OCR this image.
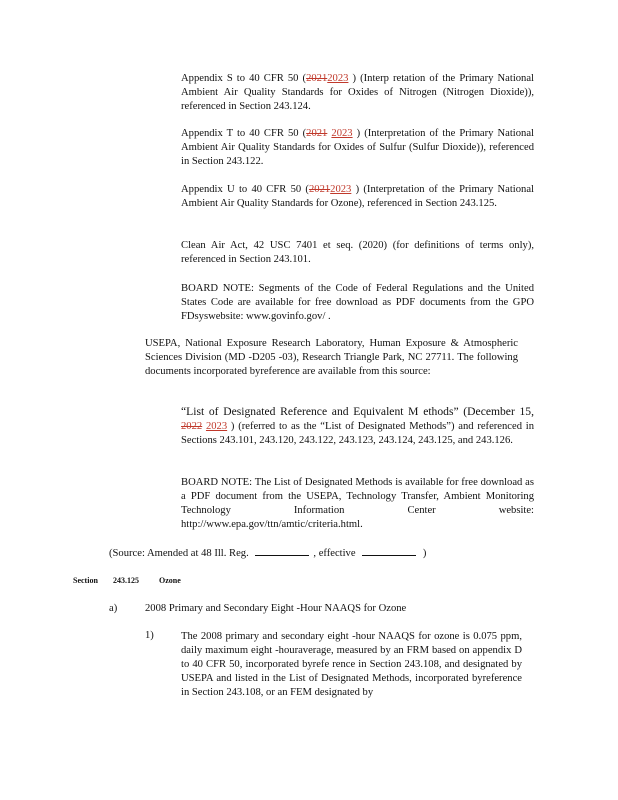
Appendix S to 40 CFR 50 (20212023 ) (Interp retation of the Primary National Ambient Air Quality Standards for Oxides of Nitrogen (Nitrogen Dioxide)), referenced in Section 243.124.
Appendix T to 40 CFR 50 (2021 2023 ) (Interpretation of the Primary National Ambient Air Quality Standards for Oxides of Sulfur (Sulfur Dioxide)), referenced in Section 243.122.
Appendix U to 40 CFR 50 (20212023 ) (Interpretation of the Primary National Ambient Air Quality Standards for Ozone), referenced in Section 243.125.
Clean Air Act, 42 USC 7401 et seq. (2020) (for definitions of terms only), referenced in Section 243.101.
BOARD NOTE: Segments of the Code of Federal Regulations and the United States Code are available for free download as PDF documents from the GPO FDsyswebsite: www.govinfo.gov/ .
USEPA, National Exposure Research Laboratory, Human Exposure & Atmospheric Sciences Division (MD -D205 -03), Research Triangle Park, NC 27711. The following documents incorporated byreference are available from this source:
“List of Designated Reference and Equivalent M ethods” (December 15, 2022 2023 ) (referred to as the “List of Designated Methods”) and referenced in Sections 243.101, 243.120, 243.122, 243.123, 243.124, 243.125, and 243.126.
BOARD NOTE: The List of Designated Methods is available for free download as a PDF document from the USEPA, Technology Transfer, Ambient Monitoring Technology Information Center website: http://www.epa.gov/ttn/amtic/criteria.html.
(Source: Amended at 48 Ill. Reg.	, effective	)
Section 243.125	Ozone
a)	2008 Primary and Secondary Eight -Hour NAAQS for Ozone
1)	The 2008 primary and secondary eight -hour NAAQS for ozone is 0.075 ppm, daily maximum eight -houraverage, measured by an FRM based on appendix D to 40 CFR 50, incorporated byrefe rence in Section 243.108, and designated by USEPA and listed in the List of Designated Methods, incorporated byreference in Section 243.108, or an FEM designated by
